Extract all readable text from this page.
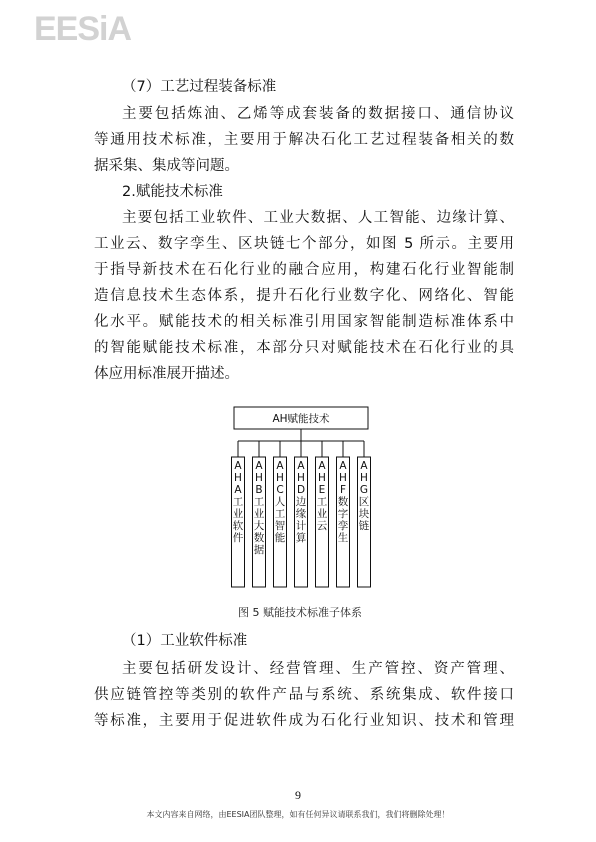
EESiA

（7）工艺过程装备标准

主要包括炼油、乙烯等成套装备的数据接口、通信协议

等通用技术标准，主要用于解决石化工艺过程装备相关的数

据采集、集成等问题。

2.赋能技术标准

主要包括工业软件、工业大数据、人工智能、边缘计算、

工业云、数字孪生、区块链七个部分，如图 5 所示。主要用

于指导新技术在石化行业的融合应用，构建石化行业智能制

造信息技术生态体系，提升石化行业数字化、网络化、智能

化水平。赋能技术的相关标准引用国家智能制造标准体系中

的智能赋能技术标准，本部分只对赋能技术在石化行业的具

体应用标准展开描述。

AH赋能技术
A H A 工业软件
A H B 工业大数据
A H C 人工智能
A H D 边缘计算
A H E 工业云
A H F 数字孪生
A H G 区块链
图 5 赋能技术标准子体系

（1）工业软件标准

主要包括研发设计、经营管理、生产管控、资产管理、

供应链管控等类别的软件产品与系统、系统集成、软件接口

等标准，主要用于促进软件成为石化行业知识、技术和管理

9
本文内容来自网络，由EESIA团队整理，如有任何异议请联系我们，我们将删除处理！
